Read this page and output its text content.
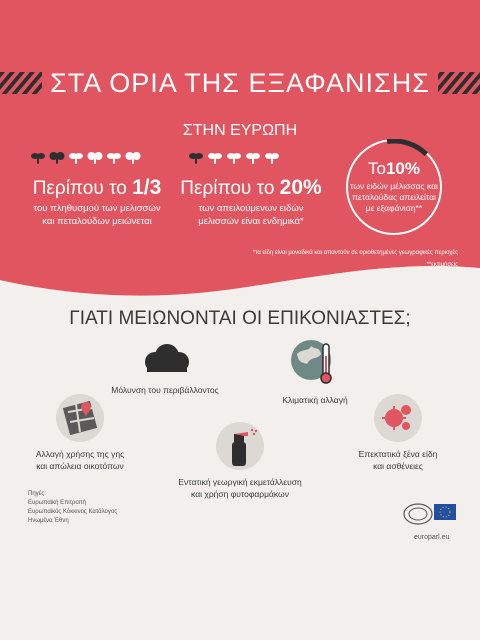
ΣΤΑ ΟΡΙΑ ΤΗΣ ΕΞΑΦΑΝΙΣΗΣ
ΣΤΗΝ ΕΥΡΩΠΗ
Περίπου το 1/3
του πληθυσμού των μελισσών
και πεταλούδων μειώνεται
Περίπου το 20%
των απειλούμενων ειδών
μελισσών είναι ενδημικά*
Το10%
των ειδών μέλισσας και
πεταλούδας απειλείται
με εξαφάνιση**
*τα είδη είναι μοναδικά και απαντούν σε οριοθετημένες γεωγραφικές περιοχές
**εκτιμήσεις
ΓΙΑΤΙ ΜΕΙΩΝΟΝΤΑΙ ΟΙ ΕΠΙΚΟΝΙΑΣΤΕΣ;
Μόλυνση του περιβάλλοντος
Κλιματική αλλαγή
Αλλαγή χρήσης της γης
και απώλεια οικοτόπων
Εντατική γεωργική εκμετάλλευση
και χρήση φυτοφαρμάκων
Επεκτατικά ξένα είδη
και ασθένειες
Πηγές:
Ευρωπαϊκή Επιτροπή
Ευρωπαϊκός Κόκκινος Κατάλογος
Ηνωμένα Έθνη
europarl.eu
